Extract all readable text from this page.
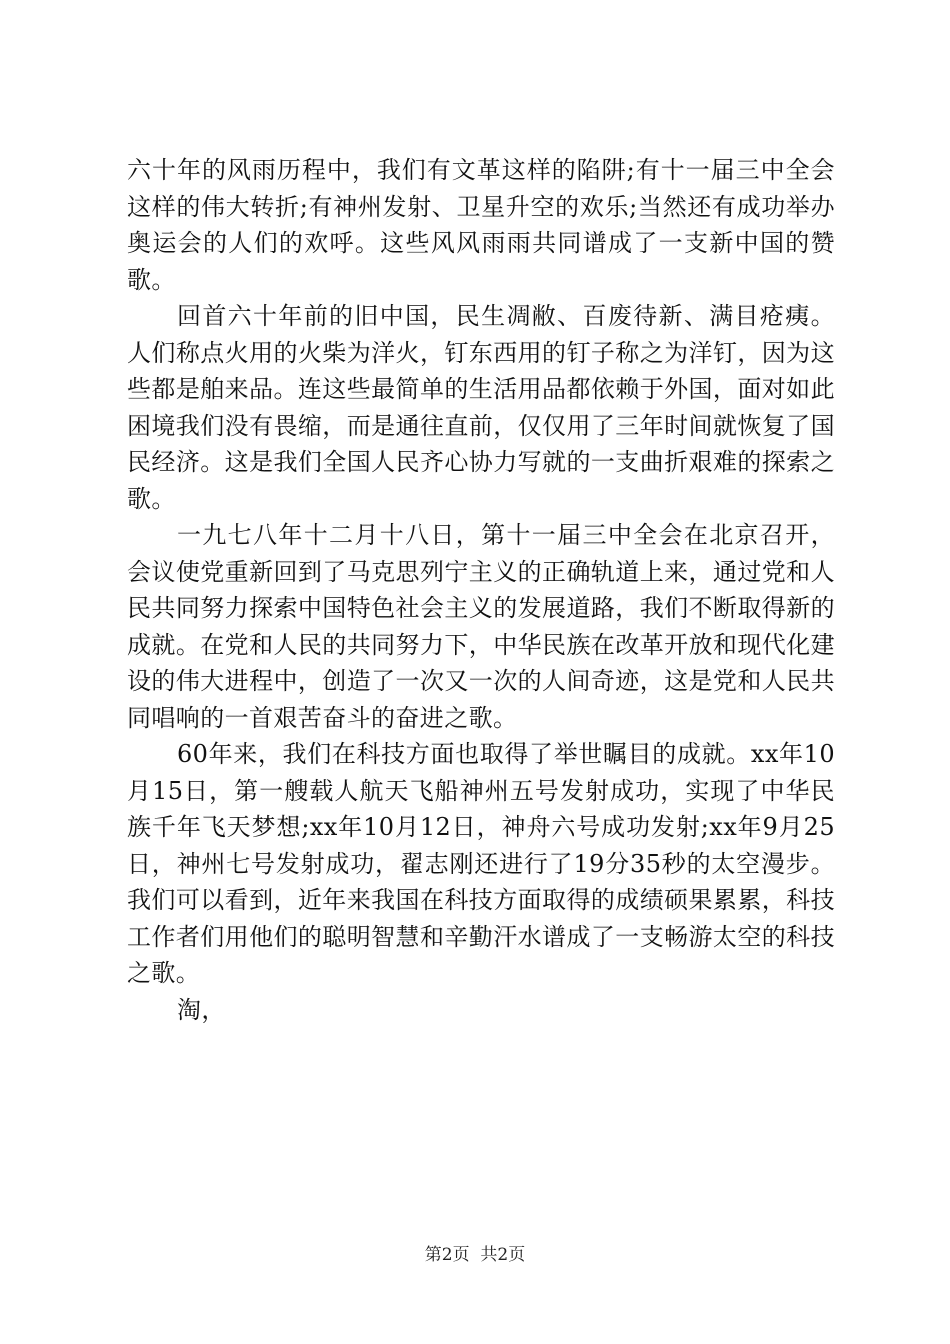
六十年的风雨历程中，我们有文革这样的陷阱;有十一届三中全会这样的伟大转折;有神州发射、卫星升空的欢乐;当然还有成功举办奥运会的人们的欢呼。这些风风雨雨共同谱成了一支新中国的赞歌。

回首六十年前的旧中国，民生凋敝、百废待新、满目疮痍。人们称点火用的火柴为洋火，钉东西用的钉子称之为洋钉，因为这些都是舶来品。连这些最简单的生活用品都依赖于外国，面对如此困境我们没有畏缩，而是通往直前，仅仅用了三年时间就恢复了国民经济。这是我们全国人民齐心协力写就的一支曲折艰难的探索之歌。

一九七八年十二月十八日，第十一届三中全会在北京召开，会议使党重新回到了马克思列宁主义的正确轨道上来，通过党和人民共同努力探索中国特色社会主义的发展道路，我们不断取得新的成就。在党和人民的共同努力下，中华民族在改革开放和现代化建设的伟大进程中，创造了一次又一次的人间奇迹，这是党和人民共同唱响的一首艰苦奋斗的奋进之歌。

60年来，我们在科技方面也取得了举世瞩目的成就。xx年10月15日，第一艘载人航天飞船神州五号发射成功，实现了中华民族千年飞天梦想;xx年10月12日，神舟六号成功发射;xx年9月25日，神州七号发射成功，翟志刚还进行了19分35秒的太空漫步。我们可以看到，近年来我国在科技方面取得的成绩硕果累累，科技工作者们用他们的聪明智慧和辛勤汗水谱成了一支畅游太空的科技之歌。

淘，

第2页  共2页
